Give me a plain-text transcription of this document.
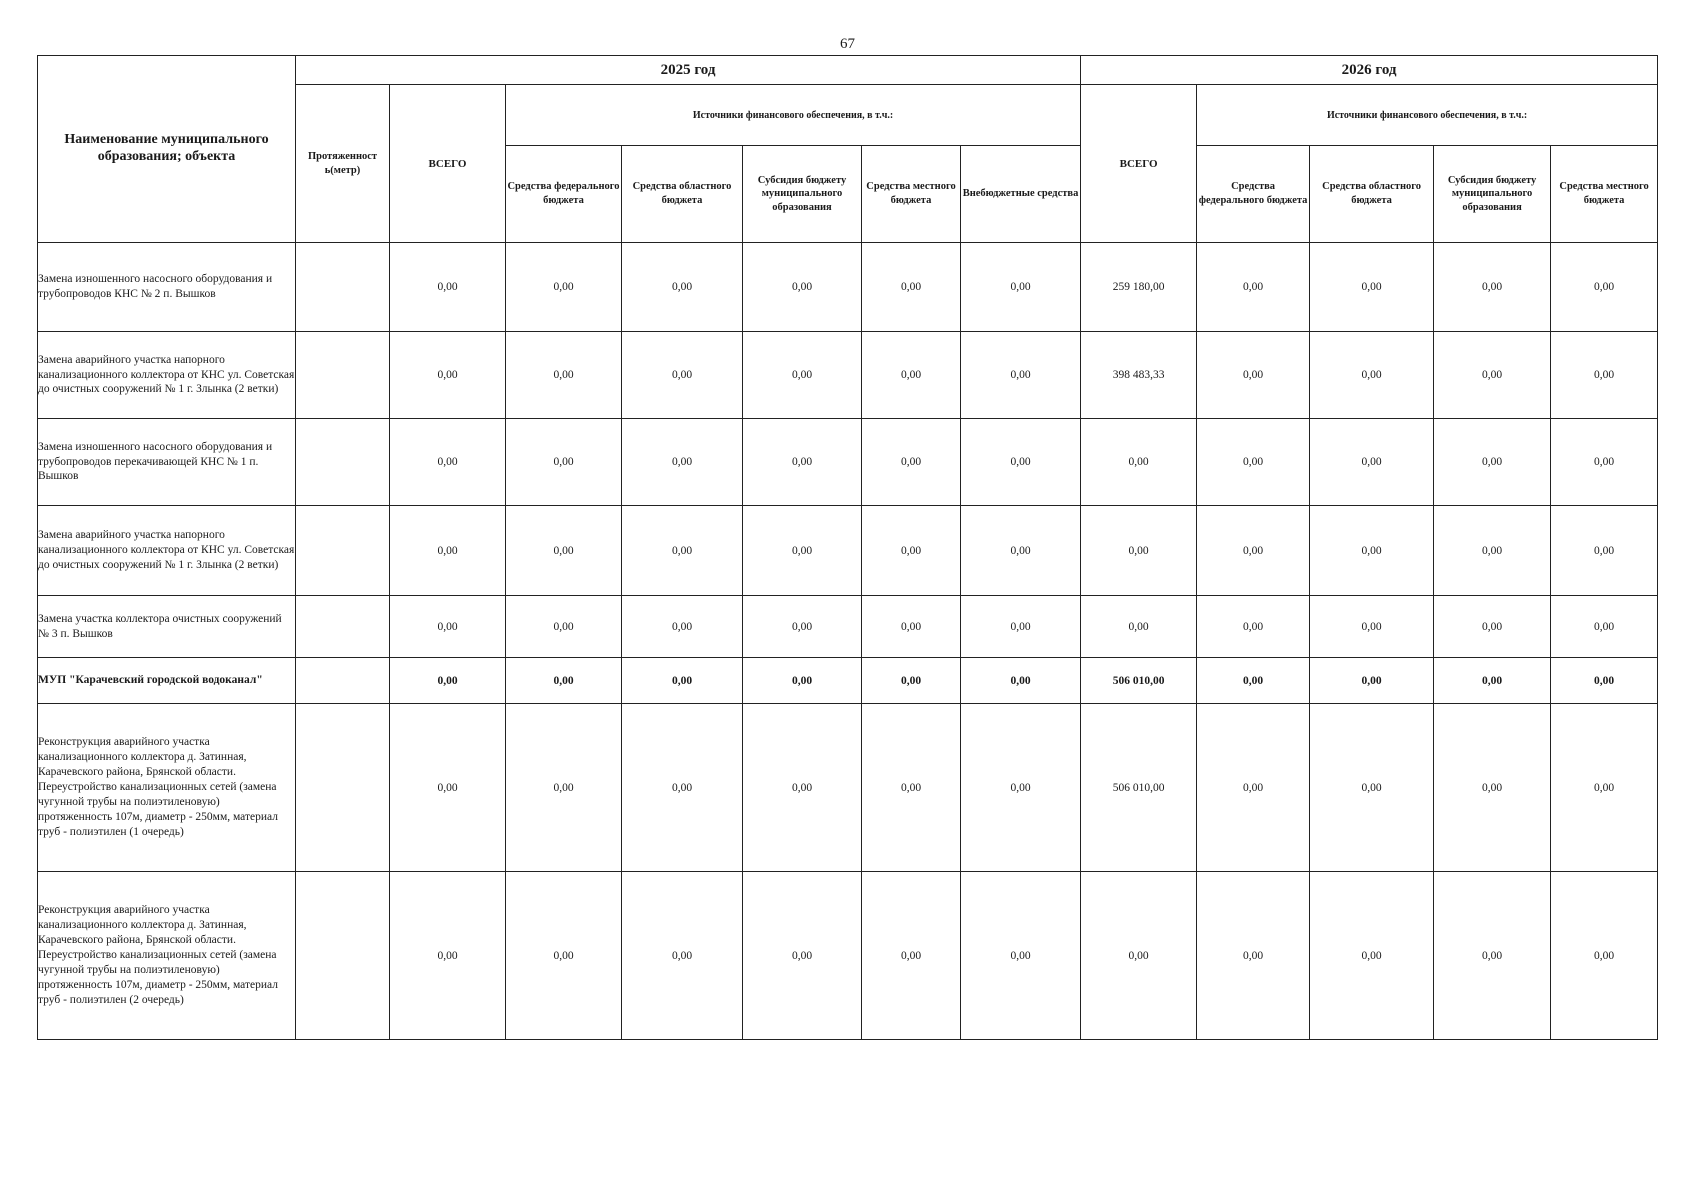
67
Наименование муниципального образования; объекта	2025 год							2026 год				
	Протяженност ь(метр)	ВСЕГО	Источники финансового обеспечения, в т.ч.:					ВСЕГО	Источники финансового обеспечения, в т.ч.:			
			Средства федерального бюджета	Средства областного бюджета	Субсидия бюджету муниципального образования	Средства местного бюджета	Внебюджетные средства		Средства федерального бюджета	Средства областного бюджета	Субсидия бюджету муниципального образования	Средства местного бюджета
Замена изношенного насосного оборудования и трубопроводов КНС № 2 п. Вышков		0,00	0,00	0,00	0,00	0,00	0,00	259 180,00	0,00	0,00	0,00	0,00
Замена аварийного участка напорного канализационного коллектора от КНС ул. Советская до очистных сооружений № 1 г. Злынка (2 ветки)		0,00	0,00	0,00	0,00	0,00	0,00	398 483,33	0,00	0,00	0,00	0,00
Замена изношенного насосного оборудования и трубопроводов перекачивающей КНС № 1 п. Вышков		0,00	0,00	0,00	0,00	0,00	0,00	0,00	0,00	0,00	0,00	0,00
Замена аварийного участка напорного канализационного коллектора от КНС ул. Советская до очистных сооружений № 1 г. Злынка (2 ветки)		0,00	0,00	0,00	0,00	0,00	0,00	0,00	0,00	0,00	0,00	0,00
Замена участка коллектора очистных сооружений № 3 п. Вышков		0,00	0,00	0,00	0,00	0,00	0,00	0,00	0,00	0,00	0,00	0,00
МУП "Карачевский городской водоканал"		0,00	0,00	0,00	0,00	0,00	0,00	506 010,00	0,00	0,00	0,00	0,00
Реконструкция аварийного участка канализационного коллектора д. Затинная, Карачевского района, Брянской области. Переустройство канализационных сетей (замена чугунной трубы на полиэтиленовую) протяженность 107м, диаметр - 250мм, материал труб - полиэтилен (1 очередь)		0,00	0,00	0,00	0,00	0,00	0,00	506 010,00	0,00	0,00	0,00	0,00
Реконструкция аварийного участка канализационного коллектора д. Затинная, Карачевского района, Брянской области. Переустройство канализационных сетей (замена чугунной трубы на полиэтиленовую) протяженность 107м, диаметр - 250мм, материал труб - полиэтилен (2 очередь)		0,00	0,00	0,00	0,00	0,00	0,00	0,00	0,00	0,00	0,00	0,00
